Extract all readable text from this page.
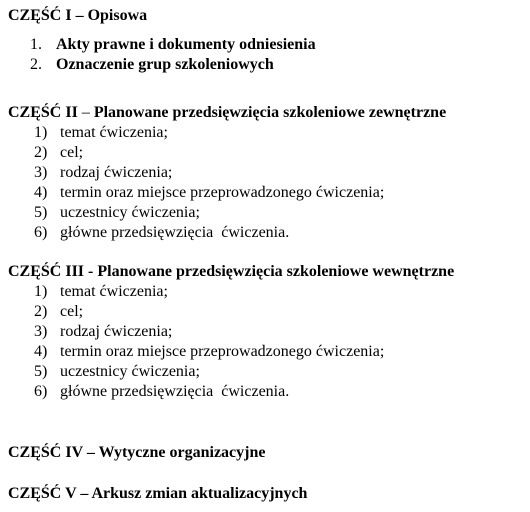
CZĘŚĆ I – Opisowa
1. Akty prawne i dokumenty odniesienia
2. Oznaczenie grup szkoleniowych
CZĘŚĆ II – Planowane przedsięwzięcia szkoleniowe zewnętrzne
1) temat ćwiczenia;
2) cel;
3) rodzaj ćwiczenia;
4) termin oraz miejsce przeprowadzonego ćwiczenia;
5) uczestnicy ćwiczenia;
6) główne przedsięwzięcia  ćwiczenia.
CZĘŚĆ III - Planowane przedsięwzięcia szkoleniowe wewnętrzne
1) temat ćwiczenia;
2) cel;
3) rodzaj ćwiczenia;
4) termin oraz miejsce przeprowadzonego ćwiczenia;
5) uczestnicy ćwiczenia;
6) główne przedsięwzięcia  ćwiczenia.
CZĘŚĆ IV – Wytyczne organizacyjne
CZĘŚĆ V – Arkusz zmian aktualizacyjnych
